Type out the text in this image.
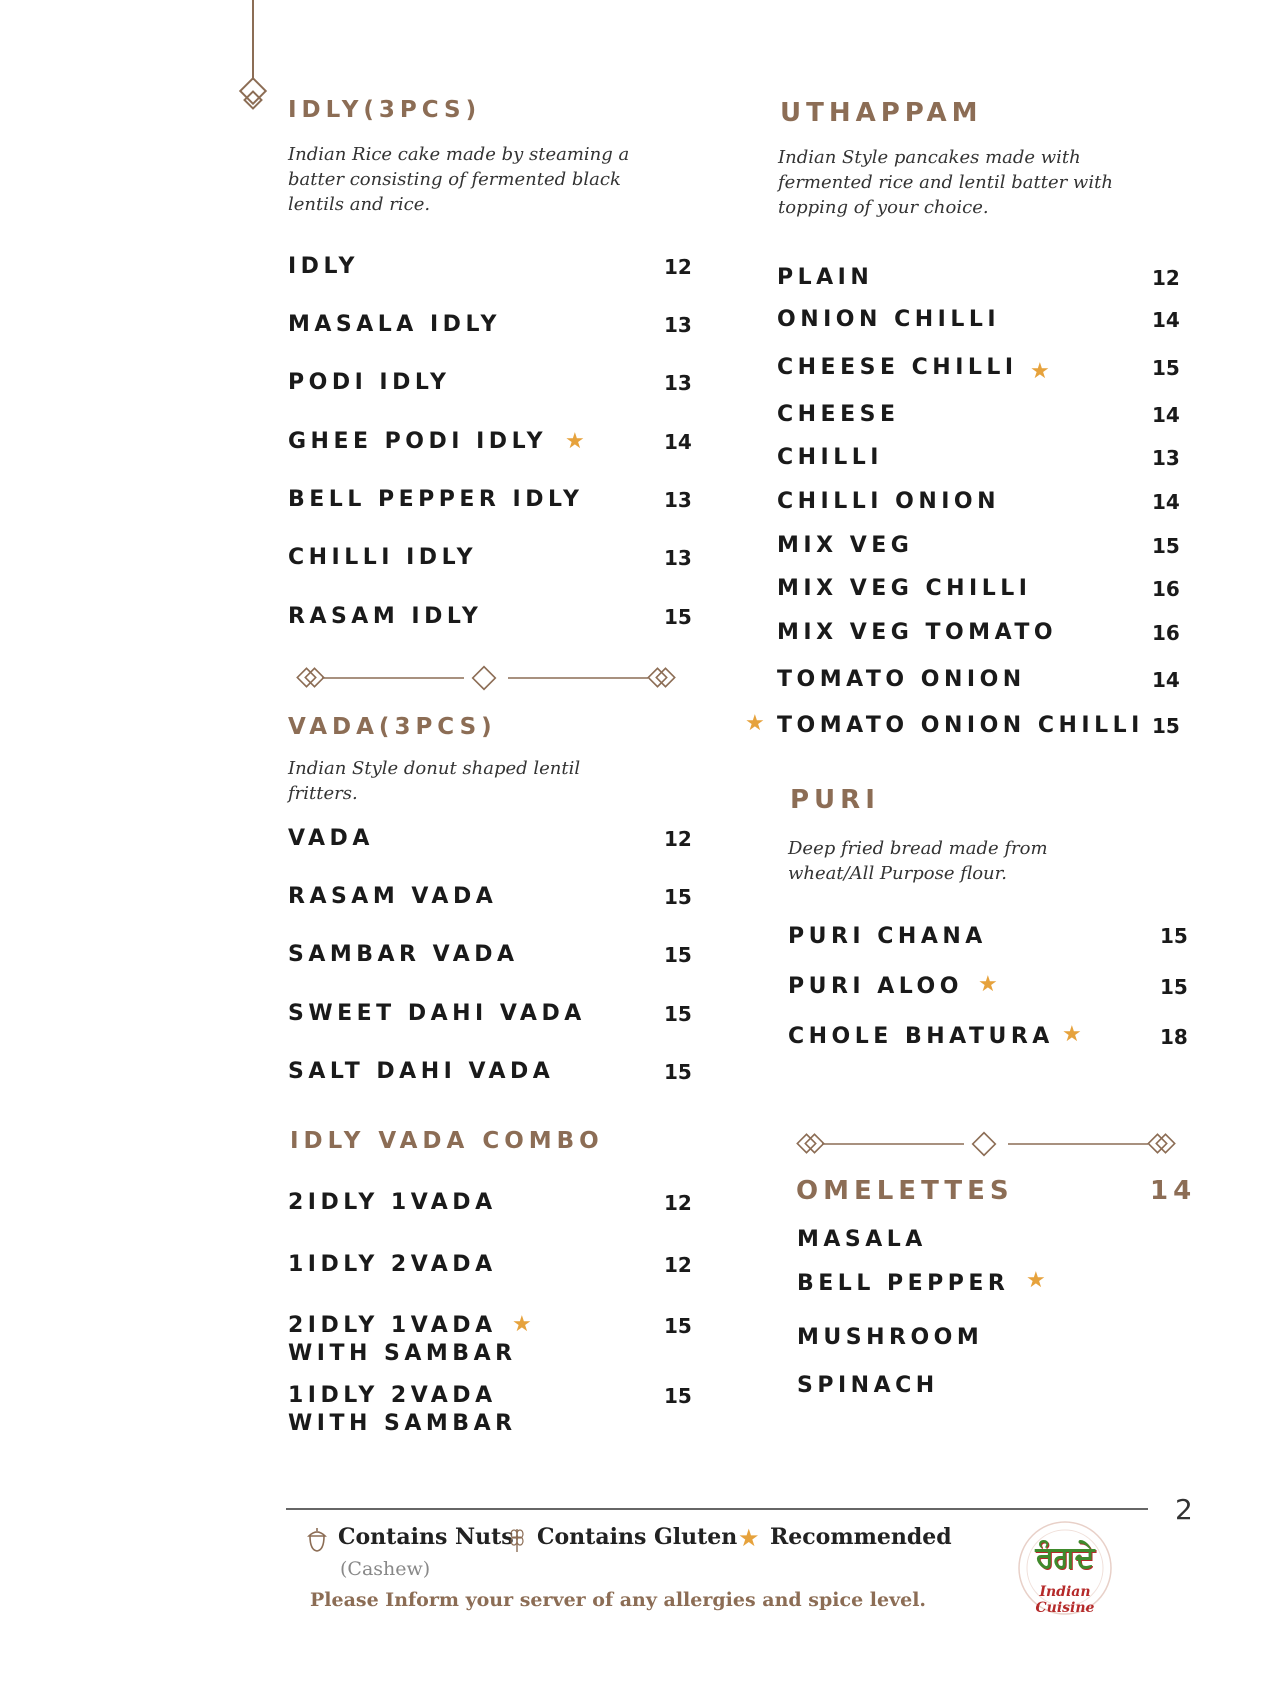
IDLY(3PCS)
Indian Rice cake made by steaming a batter consisting of fermented black lentils and rice.
IDLY	12
MASALA IDLY	13
PODI IDLY	13
GHEE PODI IDLY ★	14
BELL PEPPER IDLY	13
CHILLI IDLY	13
RASAM IDLY	15
VADA(3PCS)
Indian Style donut shaped lentil fritters.
VADA	12
RASAM VADA	15
SAMBAR VADA	15
SWEET DAHI VADA	15
SALT DAHI VADA	15
IDLY VADA COMBO
2IDLY 1VADA	12
1IDLY 2VADA	12
2IDLY 1VADA ★
WITH SAMBAR
15
1IDLY 2VADA
WITH SAMBAR
15
UTHAPPAM
Indian Style pancakes made with fermented rice and lentil batter with topping of your choice.
PLAIN	12
ONION CHILLI	14
CHEESE CHILLI ★	15
CHEESE	14
CHILLI	13
CHILLI ONION	14
MIX VEG	15
MIX VEG CHILLI	16
MIX VEG TOMATO	16
TOMATO ONION	14
★ TOMATO ONION CHILLI 15
PURI
Deep fried bread made from wheat/All Purpose flour.
PURI CHANA	15
PURI ALOO ★	15
CHOLE BHATURA ★	18
OMELETTES	14
MASALA
BELL PEPPER ★
MUSHROOM
SPINACH
2
Contains Nuts Contains Gluten ★ Recommended
(Cashew)
Please Inform your server of any allergies and spice level.
ਰੰਗਦੇ
Indian Cuisine
